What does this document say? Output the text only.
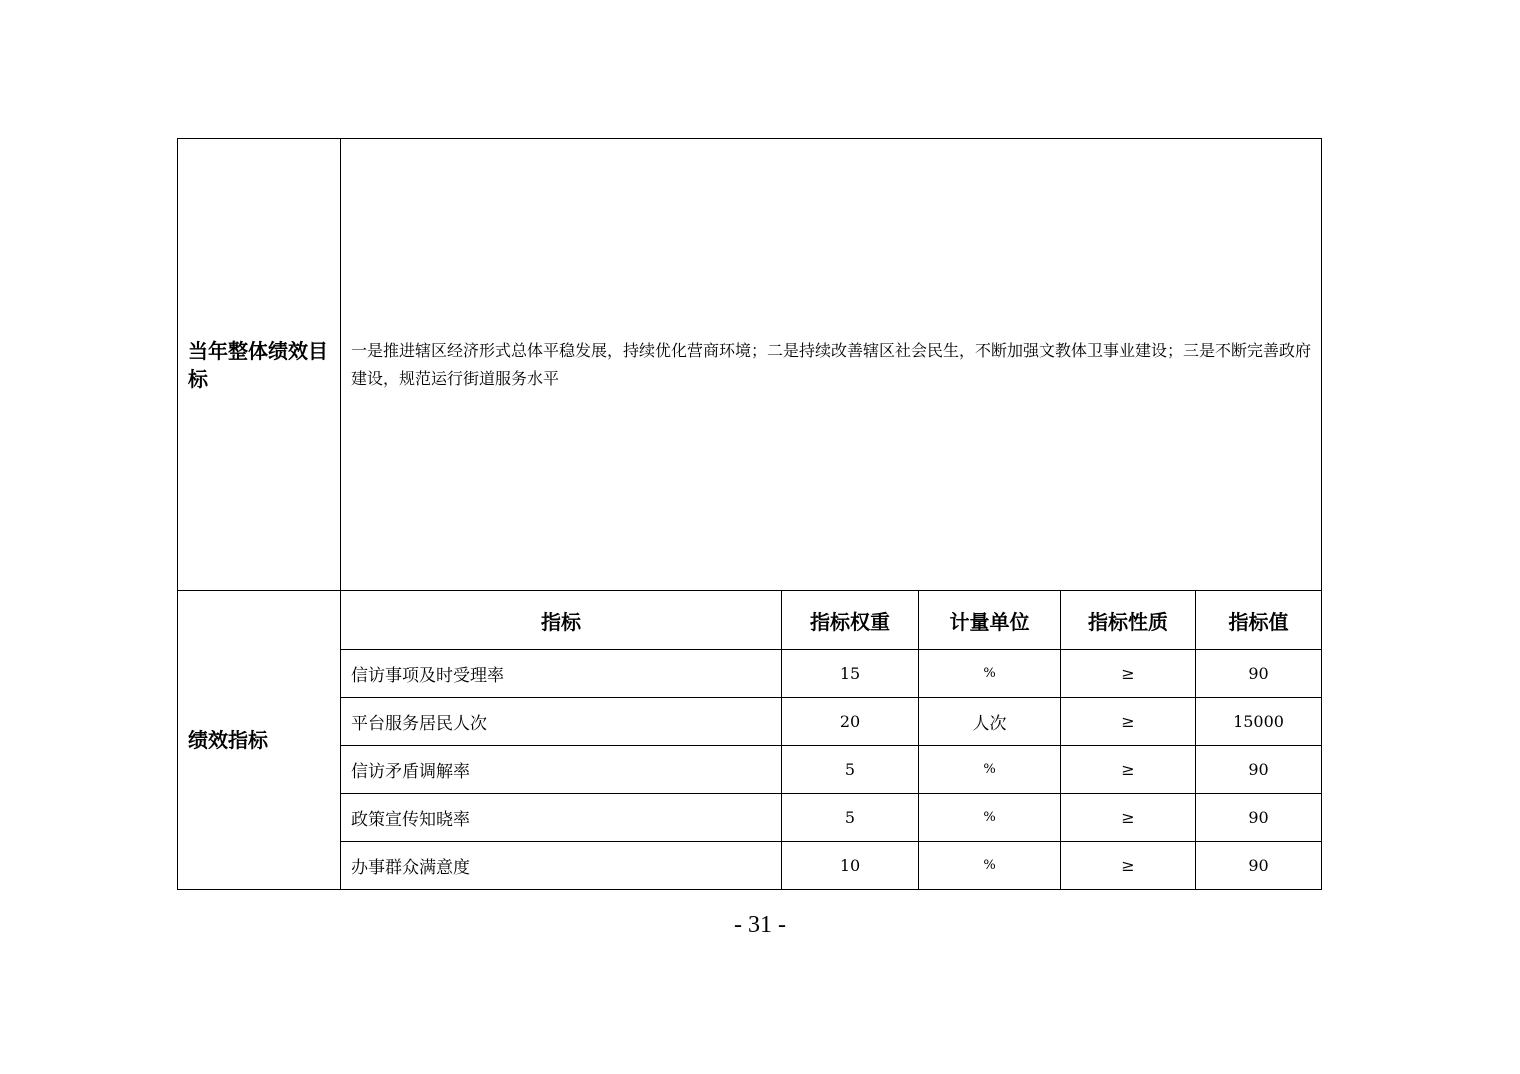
当年整体绩效目标	一是推进辖区经济形式总体平稳发展，持续优化营商环境；二是持续改善辖区社会民生，不断加强文教体卫事业建设；三是不断完善政府建设，规范运行街道服务水平				
绩效指标	指标	指标权重	计量单位	指标性质	指标值
	信访事项及时受理率	15	%	≥	90
	平台服务居民人次	20	人次	≥	15000
	信访矛盾调解率	5	%	≥	90
	政策宣传知晓率	5	%	≥	90
	办事群众满意度	10	%	≥	90
- 31 -
